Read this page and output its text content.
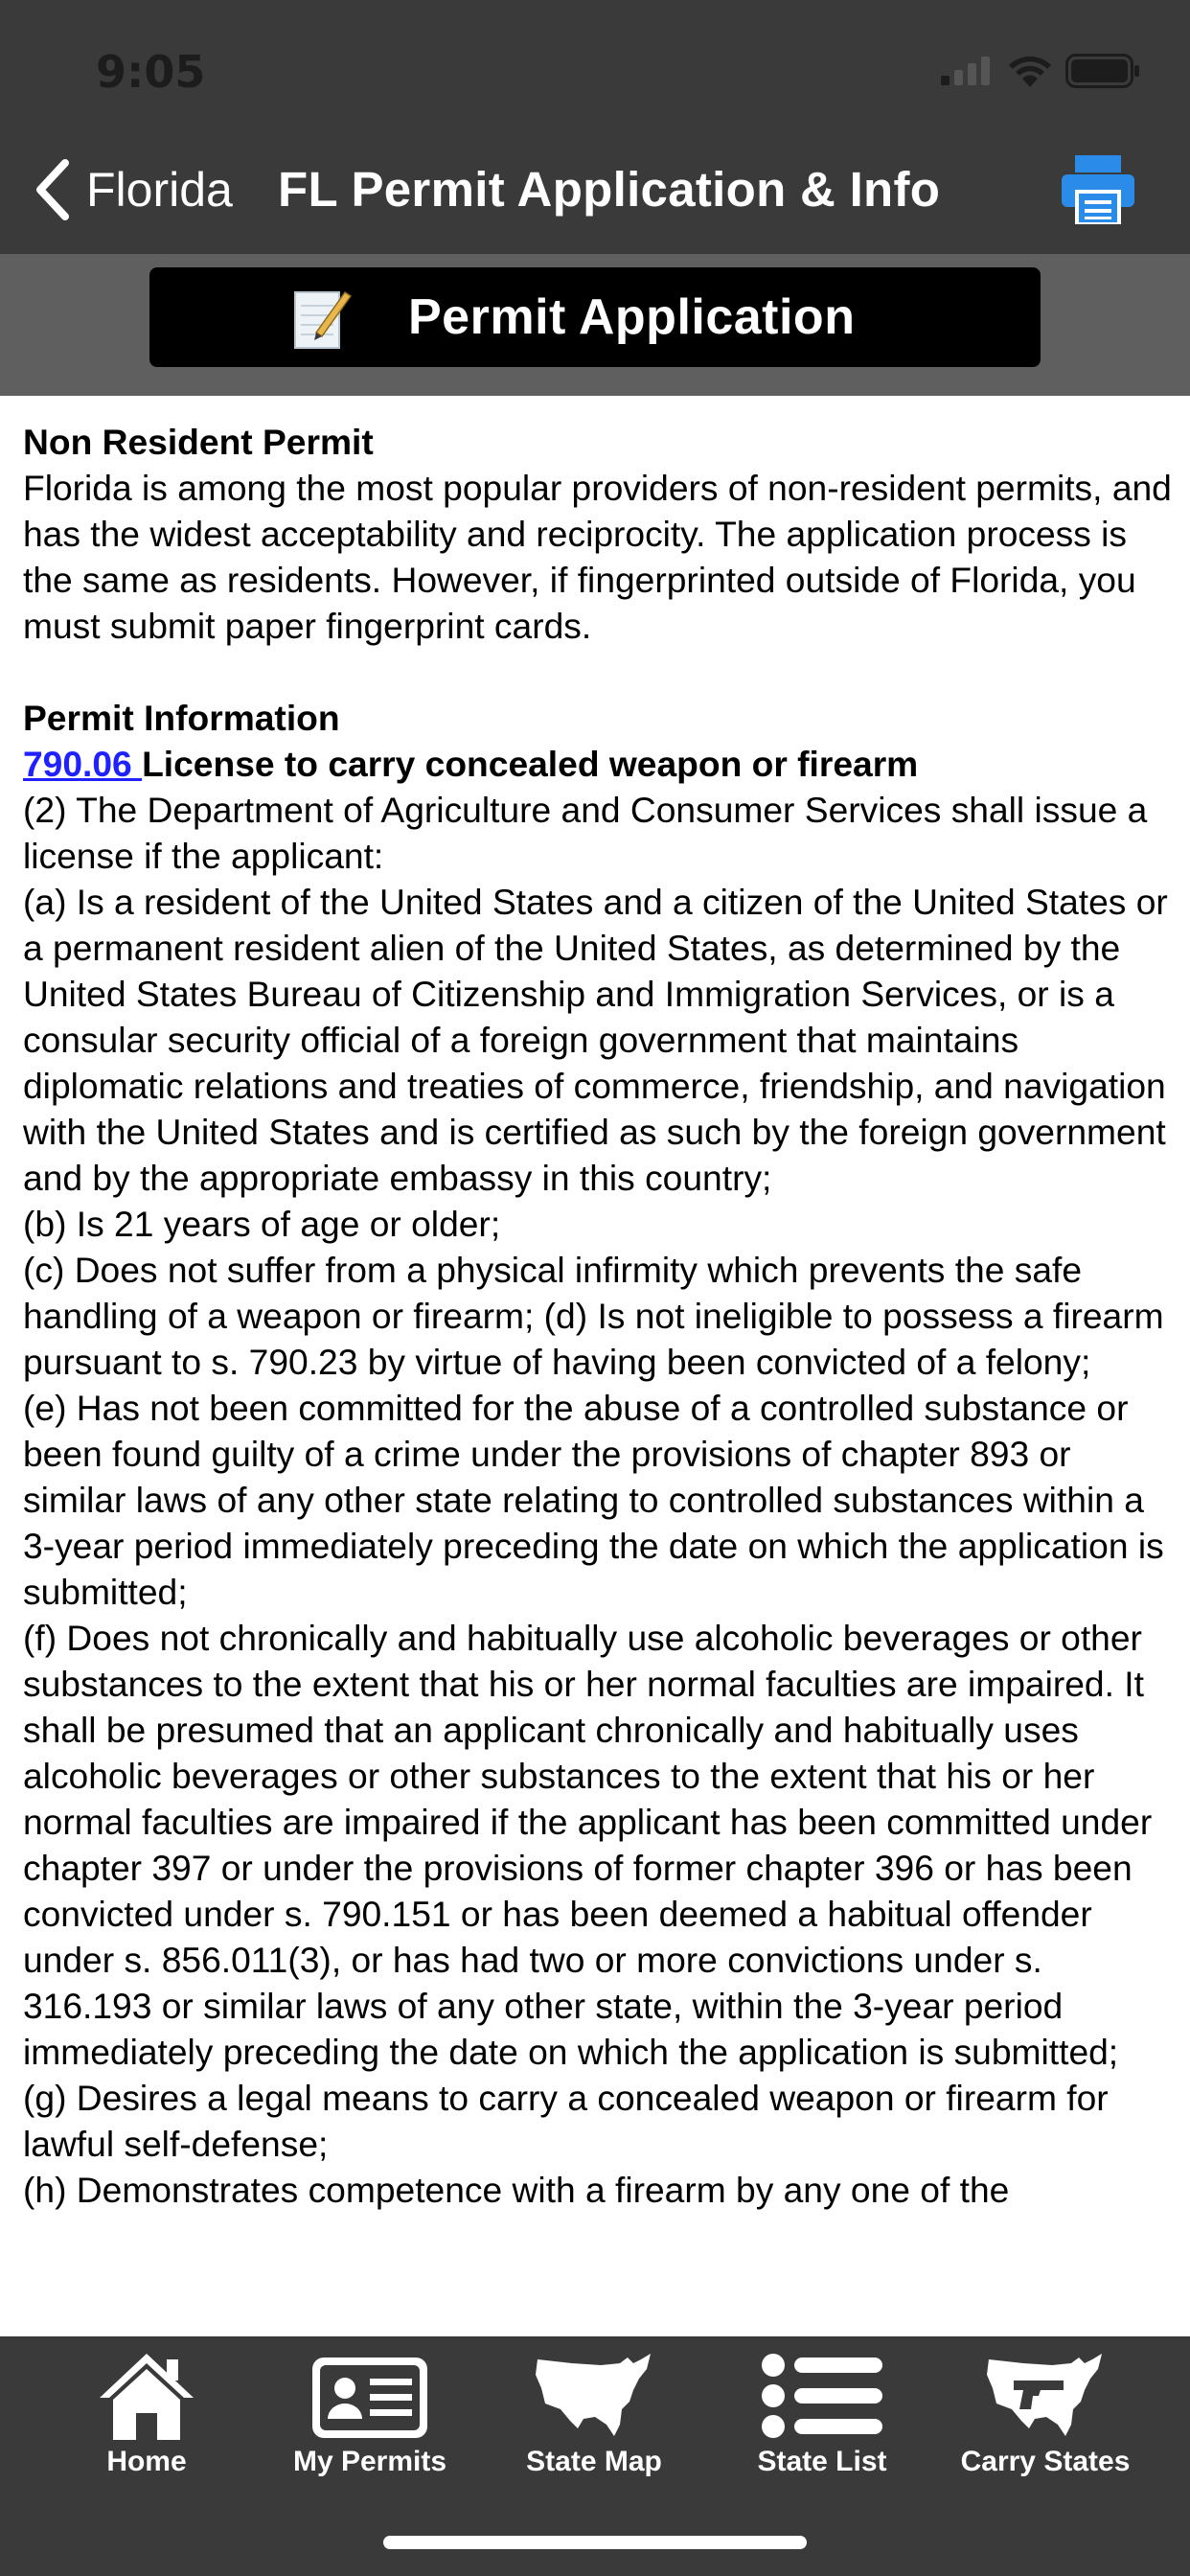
9:05
Florida FL Permit Application & Info
Permit Application

Non Resident Permit

Florida is among the most popular providers of non-resident permits, and has the widest acceptability and reciprocity. The application process is the same as residents. However, if fingerprinted outside of Florida, you must submit paper fingerprint cards.

Permit Information

790.06 License to carry concealed weapon or firearm

(2) The Department of Agriculture and Consumer Services shall issue a license if the applicant:

(a) Is a resident of the United States and a citizen of the United States or a permanent resident alien of the United States, as determined by the United States Bureau of Citizenship and Immigration Services, or is a consular security official of a foreign government that maintains diplomatic relations and treaties of commerce, friendship, and navigation with the United States and is certified as such by the foreign government and by the appropriate embassy in this country;

(b) Is 21 years of age or older;

(c) Does not suffer from a physical infirmity which prevents the safe handling of a weapon or firearm; (d) Is not ineligible to possess a firearm pursuant to s. 790.23 by virtue of having been convicted of a felony;

(e) Has not been committed for the abuse of a controlled substance or been found guilty of a crime under the provisions of chapter 893 or similar laws of any other state relating to controlled substances within a 3-year period immediately preceding the date on which the application is submitted;

(f) Does not chronically and habitually use alcoholic beverages or other substances to the extent that his or her normal faculties are impaired. It shall be presumed that an applicant chronically and habitually uses alcoholic beverages or other substances to the extent that his or her normal faculties are impaired if the applicant has been committed under chapter 397 or under the provisions of former chapter 396 or has been convicted under s. 790.151 or has been deemed a habitual offender under s. 856.011(3), or has had two or more convictions under s. 316.193 or similar laws of any other state, within the 3-year period immediately preceding the date on which the application is submitted;

(g) Desires a legal means to carry a concealed weapon or firearm for lawful self-defense;

(h) Demonstrates competence with a firearm by any one of the

Home	My Permits	State Map	State List	Carry States
